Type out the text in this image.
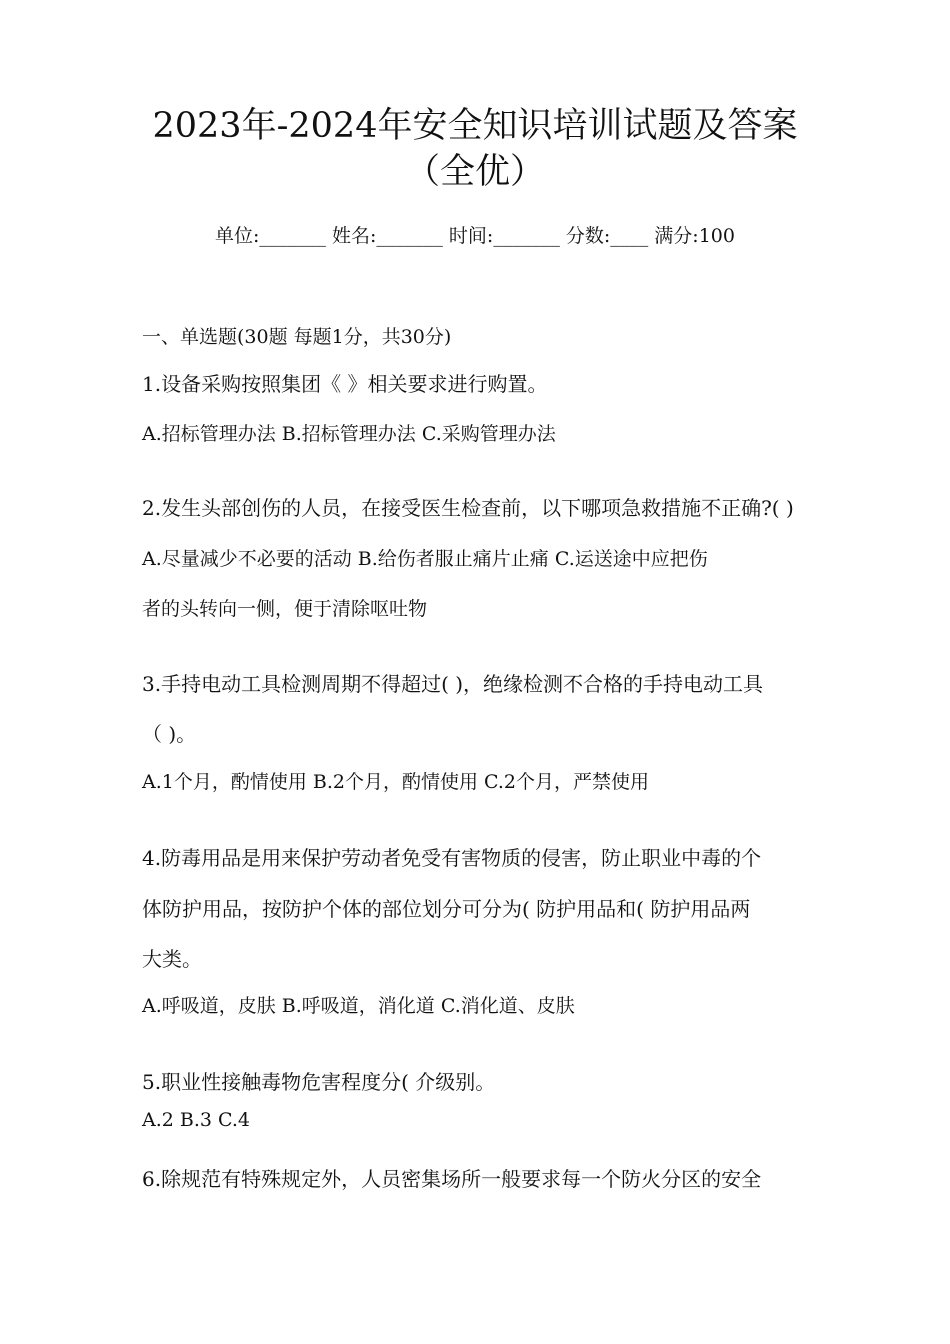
2023年-2024年安全知识培训试题及答案
（全优）
单位:_______ 姓名:_______ 时间:_______ 分数:____ 满分:100
一、单选题(30题 每题1分，共30分)
1.设备采购按照集团《 》相关要求进行购置。
A.招标管理办法 B.招标管理办法 C.采购管理办法
2.发生头部创伤的人员，在接受医生检查前，以下哪项急救措施不正确?( )
A.尽量减少不必要的活动 B.给伤者服止痛片止痛 C.运送途中应把伤
者的头转向一侧，便于清除呕吐物
3.手持电动工具检测周期不得超过( )，绝缘检测不合格的手持电动工具
（ )。
A.1个月，酌情使用 B.2个月，酌情使用 C.2个月，严禁使用
4.防毒用品是用来保护劳动者免受有害物质的侵害，防止职业中毒的个
体防护用品，按防护个体的部位划分可分为( 防护用品和( 防护用品两
大类。
A.呼吸道，皮肤 B.呼吸道，消化道 C.消化道、皮肤
5.职业性接触毒物危害程度分( 介级别。
A.2 B.3 C.4
6.除规范有特殊规定外，人员密集场所一般要求每一个防火分区的安全
